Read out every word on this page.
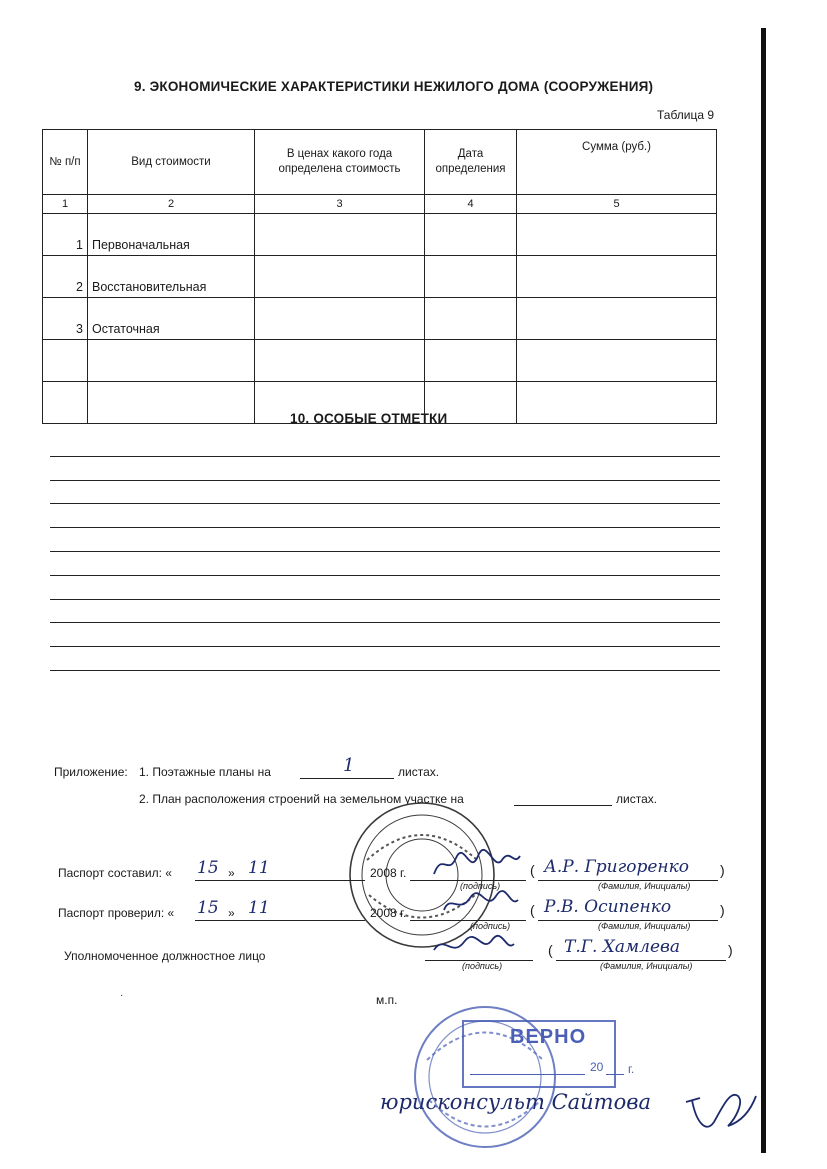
9. ЭКОНОМИЧЕСКИЕ ХАРАКТЕРИСТИКИ НЕЖИЛОГО ДОМА (СООРУЖЕНИЯ)
Таблица 9
№ п/п	Вид стоимости	В ценах какого года определена стоимость	Дата определения	Сумма (руб.)
1	2	3	4	5
1	Первоначальная			
2	Восстановительная			
3	Остаточная			

10. ОСОБЫЕ ОТМЕТКИ
Приложение: 1. Поэтажные планы на	1	листах.
2. План расположения строений на земельном участке на	листах.
Паспорт составил: « 15 » 11	2008 г.
(подпись)
( А.Р. Григоренко )
(Фамилия, Инициалы)
Паспорт проверил: « 15 » 11	2008 г.
(подпись)
( Р.В. Осипенко	)
(Фамилия, Инициалы)
Уполномоченное должностное лицо
(подпись)
( Т.Г. Хамлева	)
(Фамилия, Инициалы)
·	м.п.
ВЕРНО
20 г.
юрисконсульт Сайтова
